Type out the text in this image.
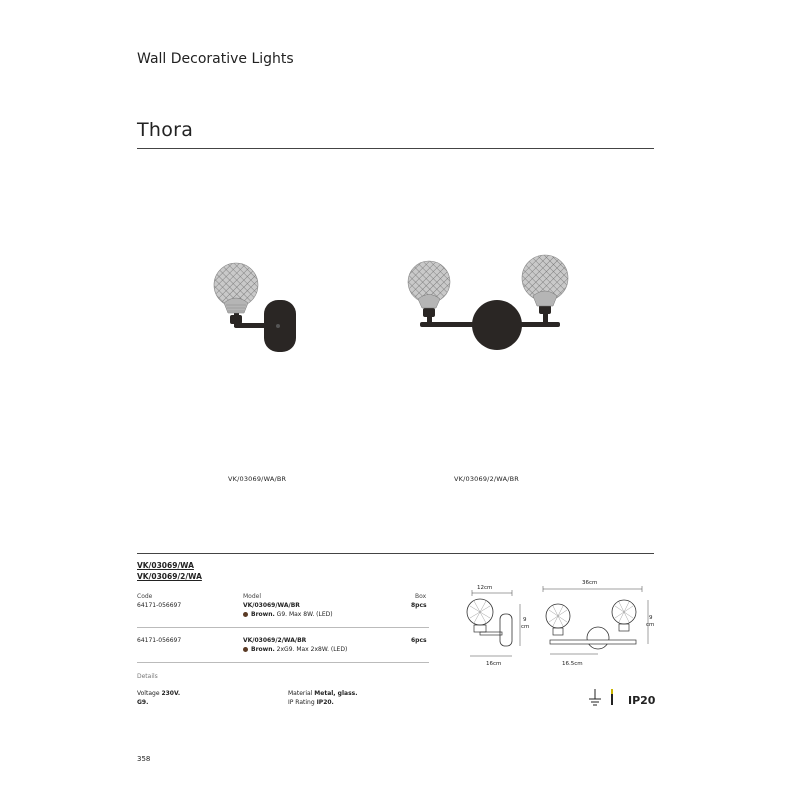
Wall Decorative Lights
Thora
VK/03069/WA/BR	VK/03069/2/WA/BR
VK/03069/WA
VK/03069/2/WA
Code	Model	Box
64171-056697	VK/03069/WA/BR	8pcs
Brown. G9. Max 8W. (LED)
64171-056697	VK/03069/2/WA/BR	6pcs
Brown. 2xG9. Max 2x8W. (LED)
12cm
9
cm
16cm
36cm
9
cm
16.5cm
Details
Voltage 230V.
G9.
Material Metal, glass.
IP Rating IP20.	IP20
358
